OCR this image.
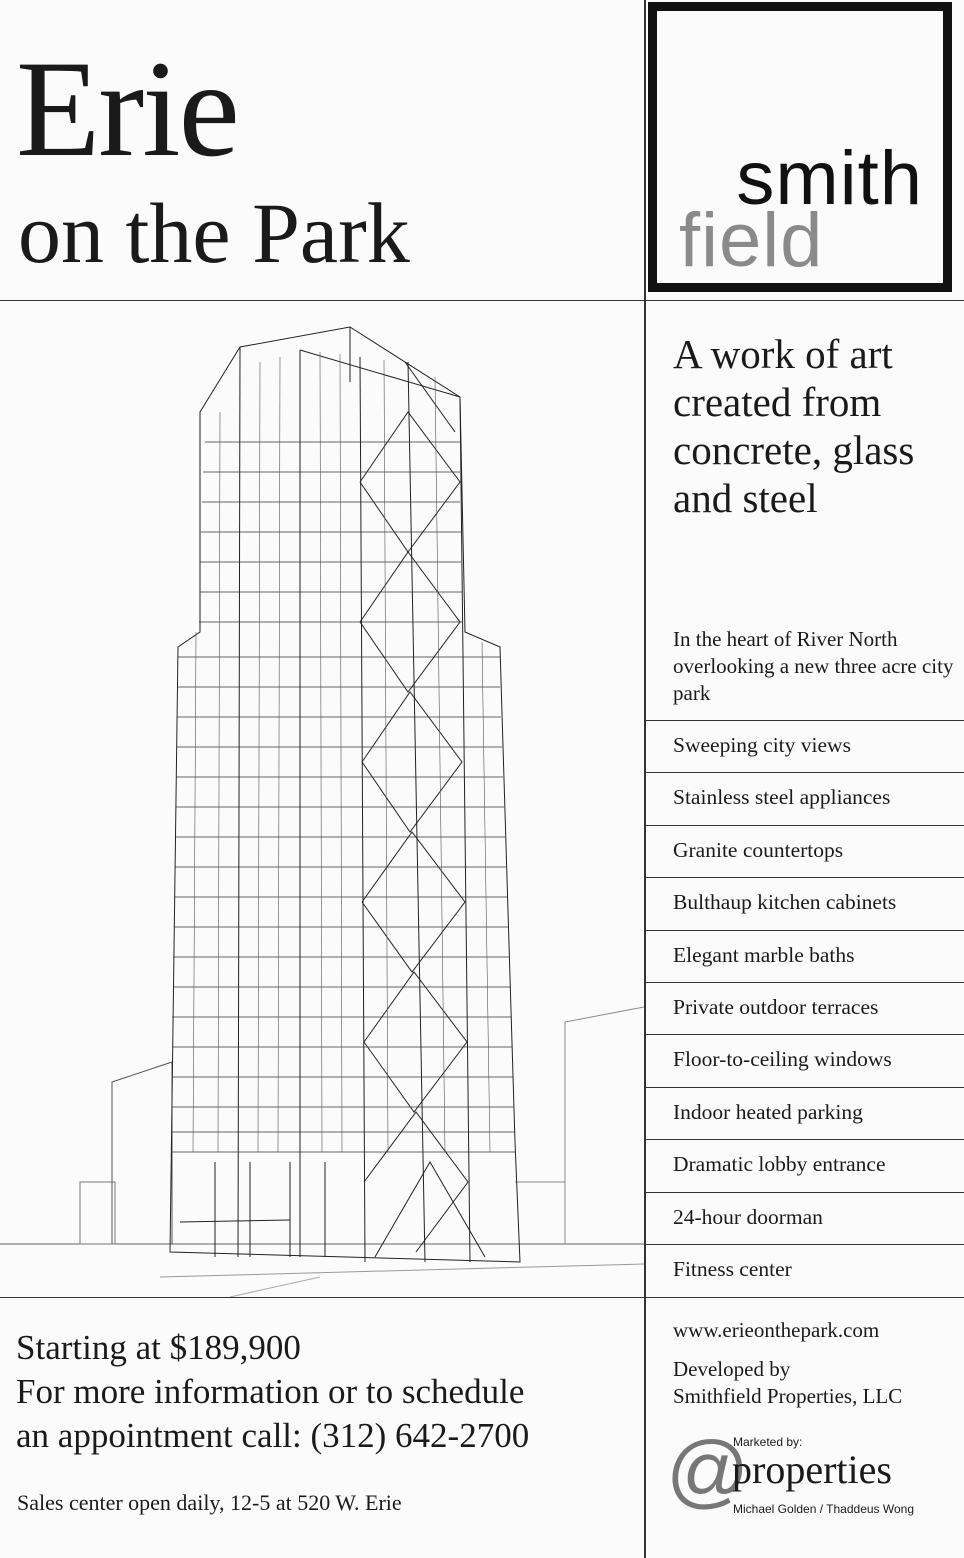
Erie
on the Park
smith
field
A work of art created from concrete, glass and steel
In the heart of River North overlooking a new three acre city park
Sweeping city views
Stainless steel appliances
Granite countertops
Bulthaup kitchen cabinets
Elegant marble baths
Private outdoor terraces
Floor-to-ceiling windows
Indoor heated parking
Dramatic lobby entrance
24-hour doorman
Fitness center
Starting at $189,900
For more information or to schedule
an appointment call: (312) 642-2700
Sales center open daily, 12-5 at 520 W. Erie
www.erieonthepark.com
Developed by
Smithfield Properties, LLC
Marketed by:
@
properties
Michael Golden / Thaddeus Wong
